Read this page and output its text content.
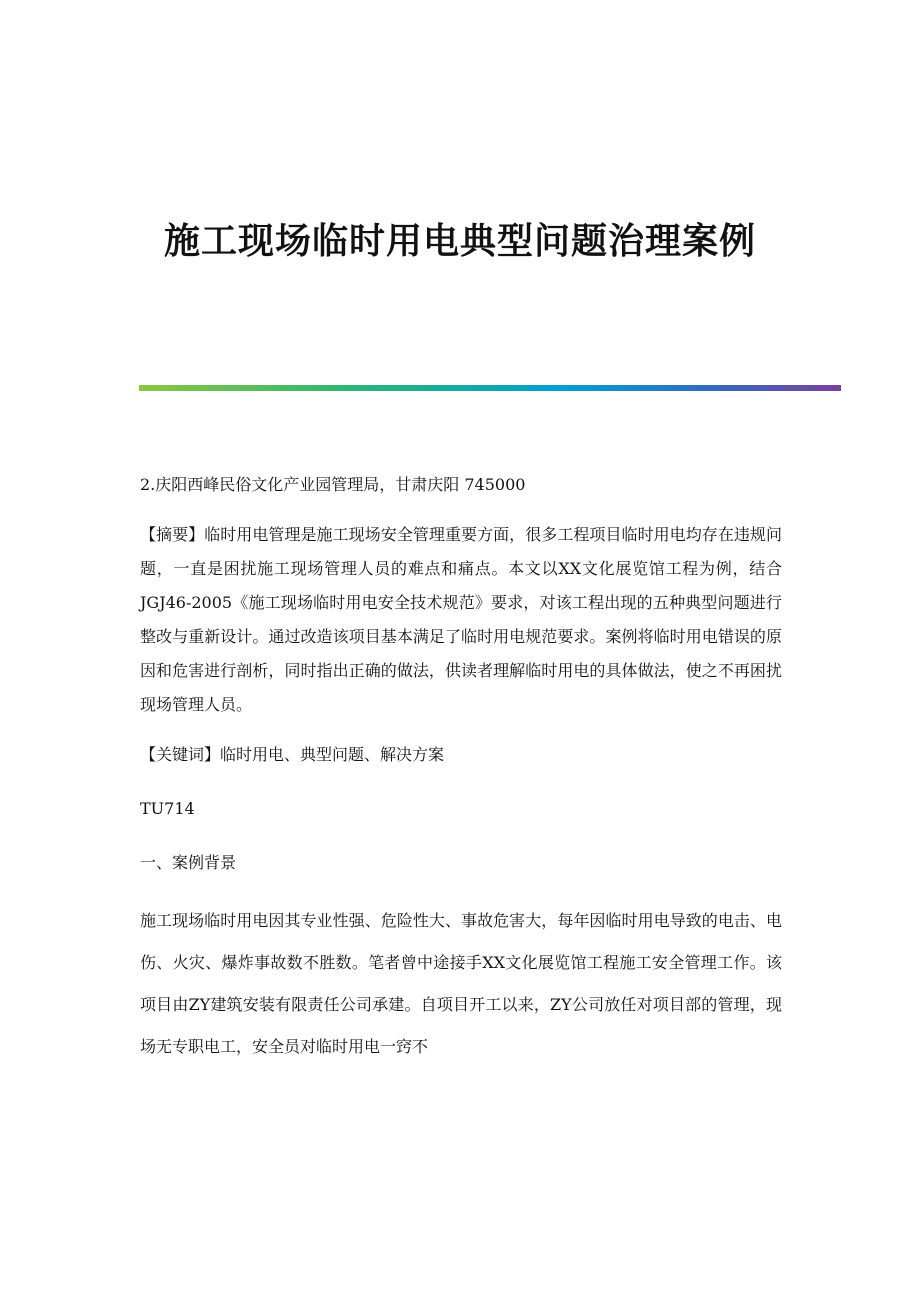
施工现场临时用电典型问题治理案例

2.庆阳西峰民俗文化产业园管理局，甘肃庆阳 745000

【摘要】临时用电管理是施工现场安全管理重要方面，很多工程项目临时用电均存在违规问题，一直是困扰施工现场管理人员的难点和痛点。本文以XX文化展览馆工程为例，结合JGJ46-2005《施工现场临时用电安全技术规范》要求，对该工程出现的五种典型问题进行整改与重新设计。通过改造该项目基本满足了临时用电规范要求。案例将临时用电错误的原因和危害进行剖析，同时指出正确的做法，供读者理解临时用电的具体做法，使之不再困扰现场管理人员。

【关键词】临时用电、典型问题、解决方案

TU714

一、案例背景

施工现场临时用电因其专业性强、危险性大、事故危害大，每年因临时用电导致的电击、电伤、火灾、爆炸事故数不胜数。笔者曾中途接手XX文化展览馆工程施工安全管理工作。该项目由ZY建筑安装有限责任公司承建。自项目开工以来，ZY公司放任对项目部的管理，现场无专职电工，安全员对临时用电一窍不
